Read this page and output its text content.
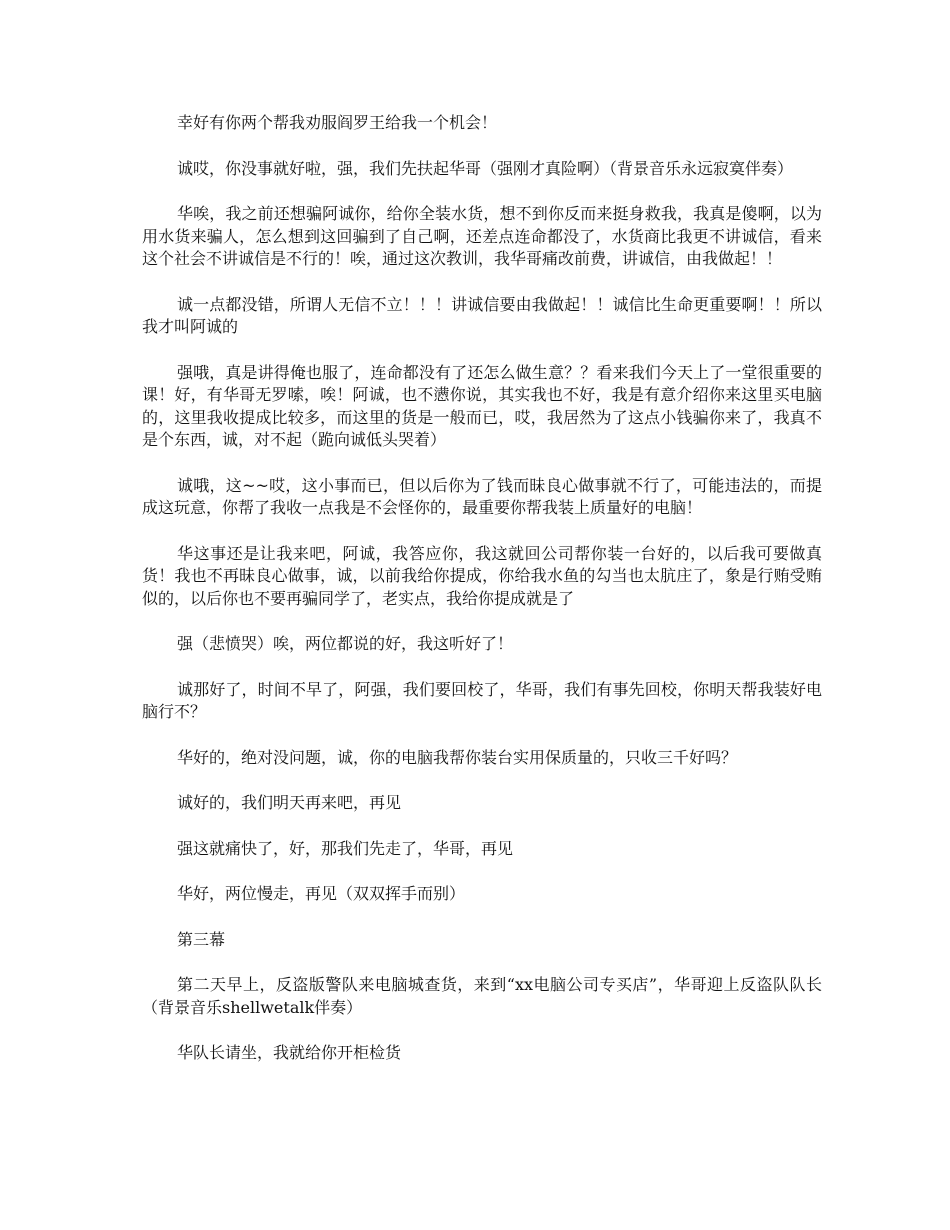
幸好有你两个帮我劝服阎罗王给我一个机会！

诚哎，你没事就好啦，强，我们先扶起华哥（强刚才真险啊）（背景音乐永远寂寞伴奏）

华唉，我之前还想骗阿诚你，给你全装水货，想不到你反而来挺身救我，我真是傻啊，以为用水货来骗人，怎么想到这回骗到了自己啊，还差点连命都没了，水货商比我更不讲诚信，看来这个社会不讲诚信是不行的！唉，通过这次教训，我华哥痛改前费，讲诚信，由我做起！！

诚一点都没错，所谓人无信不立！！！讲诚信要由我做起！！诚信比生命更重要啊！！所以我才叫阿诚的

强哦，真是讲得俺也服了，连命都没有了还怎么做生意？？看来我们今天上了一堂很重要的课！好，有华哥无罗嗦，唉！阿诚，也不懑你说，其实我也不好，我是有意介绍你来这里买电脑的，这里我收提成比较多，而这里的货是一般而已，哎，我居然为了这点小钱骗你来了，我真不是个东西，诚，对不起（跪向诚低头哭着）

诚哦，这~~哎，这小事而已，但以后你为了钱而昧良心做事就不行了，可能违法的，而提成这玩意，你帮了我收一点我是不会怪你的，最重要你帮我装上质量好的电脑！

华这事还是让我来吧，阿诚，我答应你，我这就回公司帮你装一台好的，以后我可要做真货！我也不再昧良心做事，诚，以前我给你提成，你给我水鱼的勾当也太肮庄了，象是行贿受贿似的，以后你也不要再骗同学了，老实点，我给你提成就是了

强（悲愤哭）唉，两位都说的好，我这听好了！

诚那好了，时间不早了，阿强，我们要回校了，华哥，我们有事先回校，你明天帮我装好电脑行不？

华好的，绝对没问题，诚，你的电脑我帮你装台实用保质量的，只收三千好吗？

诚好的，我们明天再来吧，再见

强这就痛快了，好，那我们先走了，华哥，再见

华好，两位慢走，再见（双双挥手而别）

第三幕

第二天早上，反盗版警队来电脑城查货，来到“xx电脑公司专买店”，华哥迎上反盗队队长（背景音乐shellwetalk伴奏）

华队长请坐，我就给你开柜检货
